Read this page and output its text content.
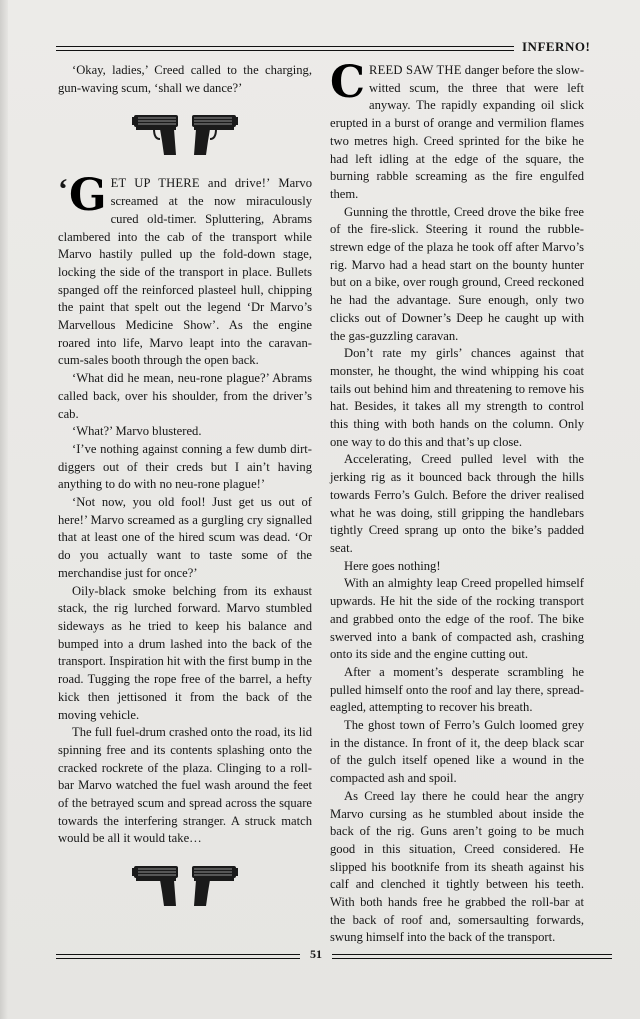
INFERNO!

‘Okay, ladies,’ Creed called to the charging, gun-waving scum, ‘shall we dance?’

‘ G ET UP THERE and drive!’ Marvo screamed at the now miraculously cured old-timer. Spluttering, Abrams clambered into the cab of the transport while Marvo hastily pulled up the fold-down stage, locking the side of the transport in place. Bullets spanged off the reinforced plasteel hull, chipping the paint that spelt out the legend ‘Dr Marvo’s Marvellous Medicine Show’. As the engine roared into life, Marvo leapt into the caravan-cum-sales booth through the open back.

‘What did he mean, neu-rone plague?’ Abrams called back, over his shoulder, from the driver’s cab.

‘What?’ Marvo blustered.

‘I’ve nothing against conning a few dumb dirt-diggers out of their creds but I ain’t having anything to do with no neu-rone plague!’

‘Not now, you old fool! Just get us out of here!’ Marvo screamed as a gurgling cry signalled that at least one of the hired scum was dead. ‘Or do you actually want to taste some of the merchandise just for once?’

Oily-black smoke belching from its exhaust stack, the rig lurched forward. Marvo stumbled sideways as he tried to keep his balance and bumped into a drum lashed into the back of the transport. Inspiration hit with the first bump in the road. Tugging the rope free of the barrel, a hefty kick then jettisoned it from the back of the moving vehicle.

The full fuel-drum crashed onto the road, its lid spinning free and its contents splashing onto the cracked rockrete of the plaza. Clinging to a roll-bar Marvo watched the fuel wash around the feet of the betrayed scum and spread across the square towards the interfering stranger. A struck match would be all it would take…

CREED SAW THE danger before the slow-witted scum, the three that were left anyway. The rapidly expanding oil slick erupted in a burst of orange and vermilion flames two metres high. Creed sprinted for the bike he had left idling at the edge of the square, the burning rabble screaming as the fire engulfed them.

Gunning the throttle, Creed drove the bike free of the fire-slick. Steering it round the rubble-strewn edge of the plaza he took off after Marvo’s rig. Marvo had a head start on the bounty hunter but on a bike, over rough ground, Creed reckoned he had the advantage. Sure enough, only two clicks out of Downer’s Deep he caught up with the gas-guzzling caravan.

Don’t rate my girls’ chances against that monster, he thought, the wind whipping his coat tails out behind him and threatening to remove his hat. Besides, it takes all my strength to control this thing with both hands on the column. Only one way to do this and that’s up close.

Accelerating, Creed pulled level with the jerking rig as it bounced back through the hills towards Ferro’s Gulch. Before the driver realised what he was doing, still gripping the handlebars tightly Creed sprang up onto the bike’s padded seat.

Here goes nothing!

With an almighty leap Creed propelled himself upwards. He hit the side of the rocking transport and grabbed onto the edge of the roof. The bike swerved into a bank of compacted ash, crashing onto its side and the engine cutting out.

After a moment’s desperate scrambling he pulled himself onto the roof and lay there, spread-eagled, attempting to recover his breath.

The ghost town of Ferro’s Gulch loomed grey in the distance. In front of it, the deep black scar of the gulch itself opened like a wound in the compacted ash and spoil.

As Creed lay there he could hear the angry Marvo cursing as he stumbled about inside the back of the rig. Guns aren’t going to be much good in this situation, Creed considered. He slipped his bootknife from its sheath against his calf and clenched it tightly between his teeth. With both hands free he grabbed the roll-bar at the back of roof and, somersaulting forwards, swung himself into the back of the transport.

51
